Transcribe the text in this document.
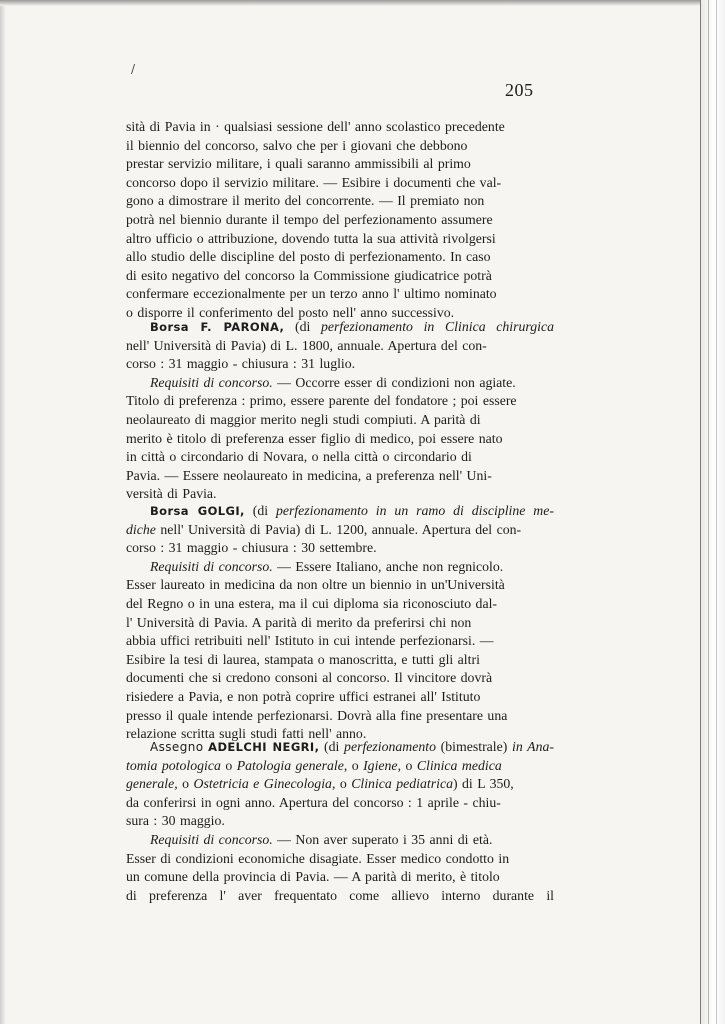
/
205
sità di Pavia in · qualsiasi sessione dell' anno scolastico precedente
il biennio del concorso, salvo che per i giovani che debbono
prestar servizio militare, i quali saranno ammissibili al primo
concorso dopo il servizio militare. — Esibire i documenti che val-
gono a dimostrare il merito del concorrente. — Il premiato non
potrà nel biennio durante il tempo del perfezionamento assumere
altro ufficio o attribuzione, dovendo tutta la sua attività rivolgersi
allo studio delle discipline del posto di perfezionamento. In caso
di esito negativo del concorso la Commissione giudicatrice potrà
confermare eccezionalmente per un terzo anno l' ultimo nominato
o disporre il conferimento del posto nell' anno successivo.
Borsa F. PARONA, (di perfezionamento in Clinica chirurgica
nell' Università di Pavia) di L. 1800, annuale. Apertura del con-
corso : 31 maggio - chiusura : 31 luglio.
Requisiti di concorso. — Occorre esser di condizioni non agiate.
Titolo di preferenza : primo, essere parente del fondatore ; poi essere
neolaureato di maggior merito negli studi compiuti. A parità di
merito è titolo di preferenza esser figlio di medico, poi essere nato
in città o circondario di Novara, o nella città o circondario di
Pavia. — Essere neolaureato in medicina, a preferenza nell' Uni-
versità di Pavia.
Borsa GOLGI, (di perfezionamento in un ramo di discipline me-
diche nell' Università di Pavia) di L. 1200, annuale. Apertura del con-
corso : 31 maggio - chiusura : 30 settembre.
Requisiti di concorso. — Essere Italiano, anche non regnicolo.
Esser laureato in medicina da non oltre un biennio in un'Università
del Regno o in una estera, ma il cui diploma sia riconosciuto dal-
l' Università di Pavia. A parità di merito da preferirsi chi non
abbia uffici retribuiti nell' Istituto in cui intende perfezionarsi. —
Esibire la tesi di laurea, stampata o manoscritta, e tutti gli altri
documenti che si credono consoni al concorso. Il vincitore dovrà
risiedere a Pavia, e non potrà coprire uffici estranei all' Istituto
presso il quale intende perfezionarsi. Dovrà alla fine presentare una
relazione scritta sugli studi fatti nell' anno.
Assegno ADELCHI NEGRI, (di perfezionamento (bimestrale) in Ana-
tomia potologica o Patologia generale, o Igiene, o Clinica medica
generale, o Ostetricia e Ginecologia, o Clinica pediatrica) di L 350,
da conferirsi in ogni anno. Apertura del concorso : 1 aprile - chiu-
sura : 30 maggio.
Requisiti di concorso. — Non aver superato i 35 anni di età.
Esser di condizioni economiche disagiate. Esser medico condotto in
un comune della provincia di Pavia. — A parità di merito, è titolo
di preferenza l' aver frequentato come allievo interno durante il
